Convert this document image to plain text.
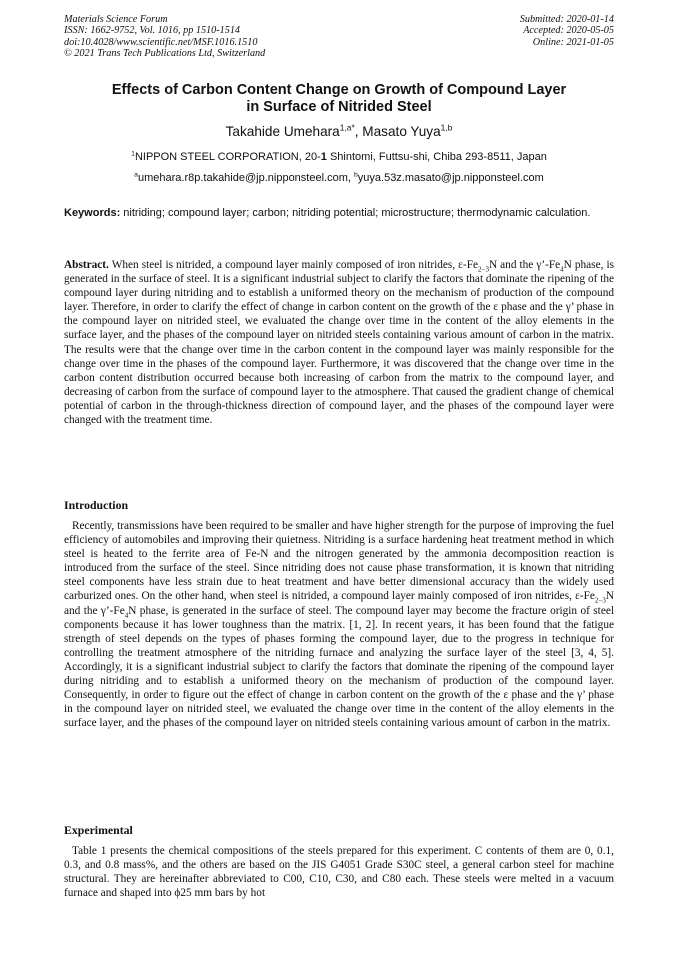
Materials Science Forum
ISSN: 1662-9752, Vol. 1016, pp 1510-1514
doi:10.4028/www.scientific.net/MSF.1016.1510
© 2021 Trans Tech Publications Ltd, Switzerland
Submitted: 2020-01-14
Accepted: 2020-05-05
Online: 2021-01-05
Effects of Carbon Content Change on Growth of Compound Layer
in Surface of Nitrided Steel
Takahide Umehara$^{1,a*}$, Masato Yuya$^{1,b}$
$^1$NIPPON STEEL CORPORATION, 20-1 Shintomi, Futtsu-shi, Chiba 293-8511, Japan
$^a$umehara.r8p.takahide@jp.nipponsteel.com, $^b$yuya.53z.masato@jp.nipponsteel.com
Keywords: nitriding; compound layer; carbon; nitriding potential; microstructure; thermodynamic calculation.
Abstract. When steel is nitrided, a compound layer mainly composed of iron nitrides, $\varepsilon-Fe_{2-3}N$ and the $\gamma’-Fe_4N$ phase, is generated in the surface of steel. It is a significant industrial subject to clarify the factors that dominate the ripening of the compound layer during nitriding and to establish a uniformed theory on the mechanism of production of the compound layer. Therefore, in order to clarify the effect of change in carbon content on the growth of the ε phase and the γ’ phase in the compound layer on nitrided steel, we evaluated the change over time in the content of the alloy elements in the surface layer, and the phases of the compound layer on nitrided steels containing various amount of carbon in the matrix. The results were that the change over time in the carbon content in the compound layer was mainly responsible for the change over time in the phases of the compound layer. Furthermore, it was discovered that the change over time in the carbon content distribution occurred because both increasing of carbon from the matrix to the compound layer, and decreasing of carbon from the surface of compound layer to the atmosphere. That caused the gradient change of chemical potential of carbon in the through-thickness direction of compound layer, and the phases of the compound layer were changed with the treatment time.
Introduction
Recently, transmissions have been required to be smaller and have higher strength for the purpose of improving the fuel efficiency of automobiles and improving their quietness. Nitriding is a surface hardening heat treatment method in which steel is heated to the ferrite area of Fe-N and the nitrogen generated by the ammonia decomposition reaction is introduced from the surface of the steel. Since nitriding does not cause phase transformation, it is known that nitriding steel components have less strain due to heat treatment and have better dimensional accuracy than the widely used carburized ones. On the other hand, when steel is nitrided, a compound layer mainly composed of iron nitrides, $\varepsilon-Fe_{2-3}N$ and the $\gamma’-Fe_4N$ phase, is generated in the surface of steel. The compound layer may become the fracture origin of steel components because it has lower toughness than the matrix. [1, 2]. In recent years, it has been found that the fatigue strength of steel depends on the types of phases forming the compound layer, due to the progress in technique for controlling the treatment atmosphere of the nitriding furnace and analyzing the surface layer of the steel [3, 4, 5]. Accordingly, it is a significant industrial subject to clarify the factors that dominate the ripening of the compound layer during nitriding and to establish a uniformed theory on the mechanism of production of the compound layer. Consequently, in order to figure out the effect of change in carbon content on the growth of the ε phase and the γ’ phase in the compound layer on nitrided steel, we evaluated the change over time in the content of the alloy elements in the surface layer, and the phases of the compound layer on nitrided steels containing various amount of carbon in the matrix.
Experimental
Table 1 presents the chemical compositions of the steels prepared for this experiment. C contents of them are 0, 0.1, 0.3, and 0.8 mass%, and the others are based on the JIS G4051 Grade S30C steel, a general carbon steel for machine structural. They are hereinafter abbreviated to C00, C10, C30, and C80 each. These steels were melted in a vacuum furnace and shaped into ϕ25 mm bars by hot
